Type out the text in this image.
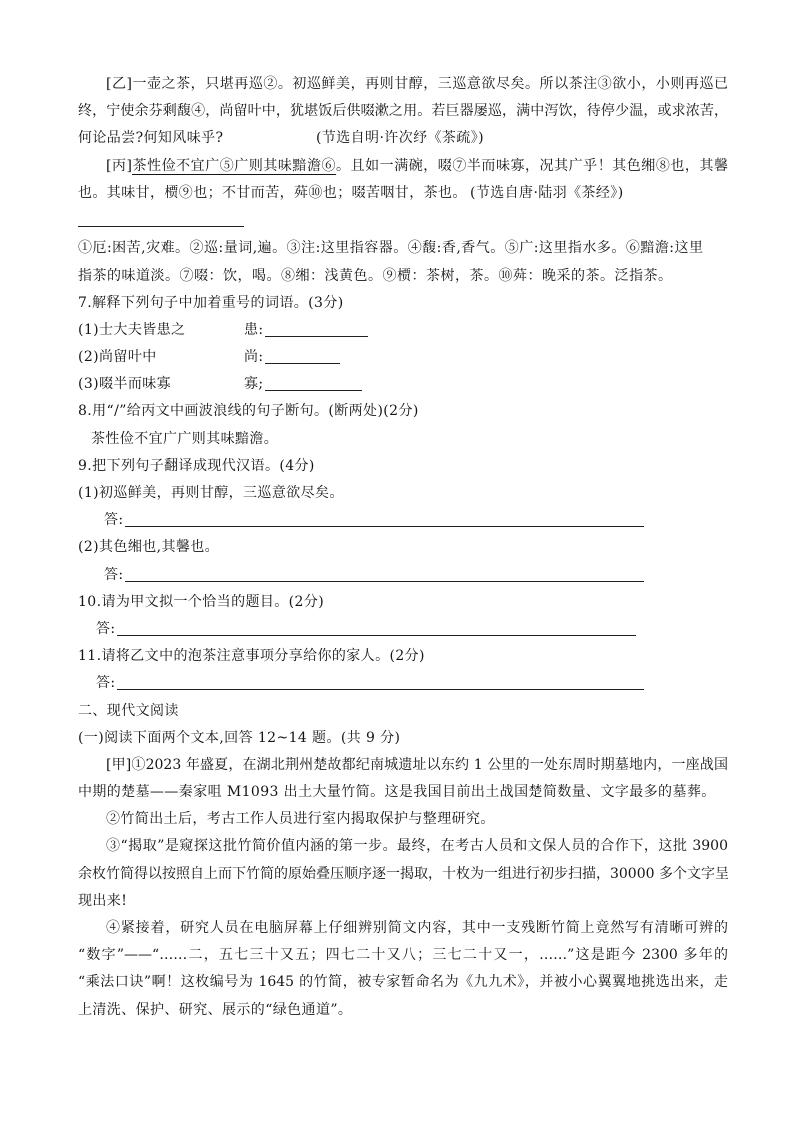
[乙]一壶之茶，只堪再巡②。初巡鲜美，再则甘醇，三巡意欲尽矣。所以茶注③欲小，小则再巡已
终，宁使余芬剩馥④，尚留叶中，犹堪饭后供啜漱之用。若巨器屡巡，满中泻饮，待停少温，或求浓苦，
何论品尝?何知风味乎?	(节选自明·许次纾《茶疏》)
[丙]茶性俭不宜广⑤广则其味黯澹⑥。且如一满碗，啜⑦半而味寡，况其广乎！其色缃⑧也，其馨
也。其味甘，槚⑨也；不甘而苦，荈⑩也；啜苦咽甘，茶也。 (节选自唐·陆羽《茶经》)
①厄:困苦,灾难。②巡:量词,遍。③注:这里指容器。④馥:香,香气。⑤广:这里指水多。⑥黯澹:这里
指茶的味道淡。⑦啜：饮，喝。⑧缃：浅黄色。⑨槚：茶树，茶。⑩荈：晚采的茶。泛指茶。
7.解释下列句子中加着重号的词语。(3分)
(1)士大夫皆患之	患:
(2)尚留叶中	尚:
(3)啜半而味寡	寡;
8.用“/”给丙文中画波浪线的句子断句。(断两处)(2分)
茶性俭不宜广广则其味黯澹。
9.把下列句子翻译成现代汉语。(4分)
(1)初巡鲜美，再则甘醇，三巡意欲尽矣。
答:
(2)其色缃也,其馨也。
答:
10.请为甲文拟一个恰当的题目。(2分)
答:
11.请将乙文中的泡茶注意事项分享给你的家人。(2分)
答:
二、现代文阅读
(一)阅读下面两个文本,回答 12~14 题。(共 9 分)
[甲]①2023 年盛夏，在湖北荆州楚故都纪南城遗址以东约 1 公里的一处东周时期墓地内，一座战国
中期的楚墓——秦家咀 M1093 出土大量竹简。这是我国目前出土战国楚简数量、文字最多的墓葬。
②竹简出土后，考古工作人员进行室内揭取保护与整理研究。
③“揭取”是窥探这批竹简价值内涵的第一步。最终，在考古人员和文保人员的合作下，这批 3900
余枚竹简得以按照自上而下竹简的原始叠压顺序逐一揭取，十枚为一组进行初步扫描，30000 多个文字呈
现出来!
④紧接着，研究人员在电脑屏幕上仔细辨别简文内容，其中一支残断竹简上竟然写有清晰可辨的
“数字”——“……二，五七三十又五；四七二十又八；三七二十又一，……”这是距今 2300 多年的
“乘法口诀”啊！这枚编号为 1645 的竹简，被专家暂命名为《九九术》，并被小心翼翼地挑选出来，走
上清洗、保护、研究、展示的“绿色通道”。
